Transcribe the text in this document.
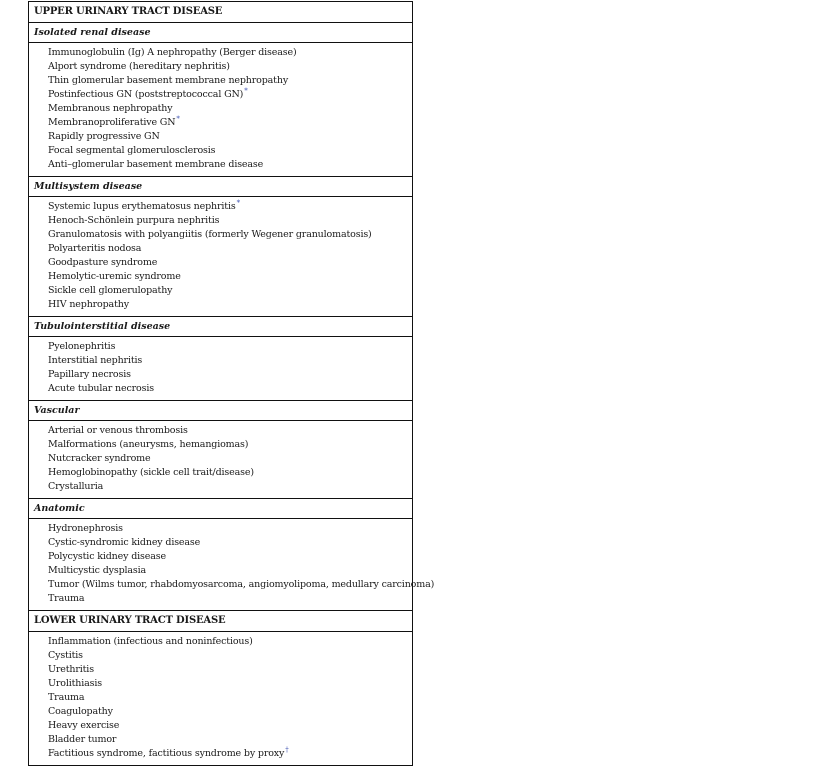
UPPER URINARY TRACT DISEASE
Isolated renal disease
Immunoglobulin (Ig) A nephropathy (Berger disease)
Alport syndrome (hereditary nephritis)
Thin glomerular basement membrane nephropathy
Postinfectious GN (poststreptococcal GN)*
Membranous nephropathy
Membranoproliferative GN*
Rapidly progressive GN
Focal segmental glomerulosclerosis
Anti–glomerular basement membrane disease
Multisystem disease
Systemic lupus erythematosus nephritis*
Henoch-Schönlein purpura nephritis
Granulomatosis with polyangiitis (formerly Wegener granulomatosis)
Polyarteritis nodosa
Goodpasture syndrome
Hemolytic-uremic syndrome
Sickle cell glomerulopathy
HIV nephropathy
Tubulointerstitial disease
Pyelonephritis
Interstitial nephritis
Papillary necrosis
Acute tubular necrosis
Vascular
Arterial or venous thrombosis
Malformations (aneurysms, hemangiomas)
Nutcracker syndrome
Hemoglobinopathy (sickle cell trait/disease)
Crystalluria
Anatomic
Hydronephrosis
Cystic-syndromic kidney disease
Polycystic kidney disease
Multicystic dysplasia
Tumor (Wilms tumor, rhabdomyosarcoma, angiomyolipoma, medullary carcinoma)
Trauma
LOWER URINARY TRACT DISEASE
Inflammation (infectious and noninfectious)
Cystitis
Urethritis
Urolithiasis
Trauma
Coagulopathy
Heavy exercise
Bladder tumor
Factitious syndrome, factitious syndrome by proxy†
